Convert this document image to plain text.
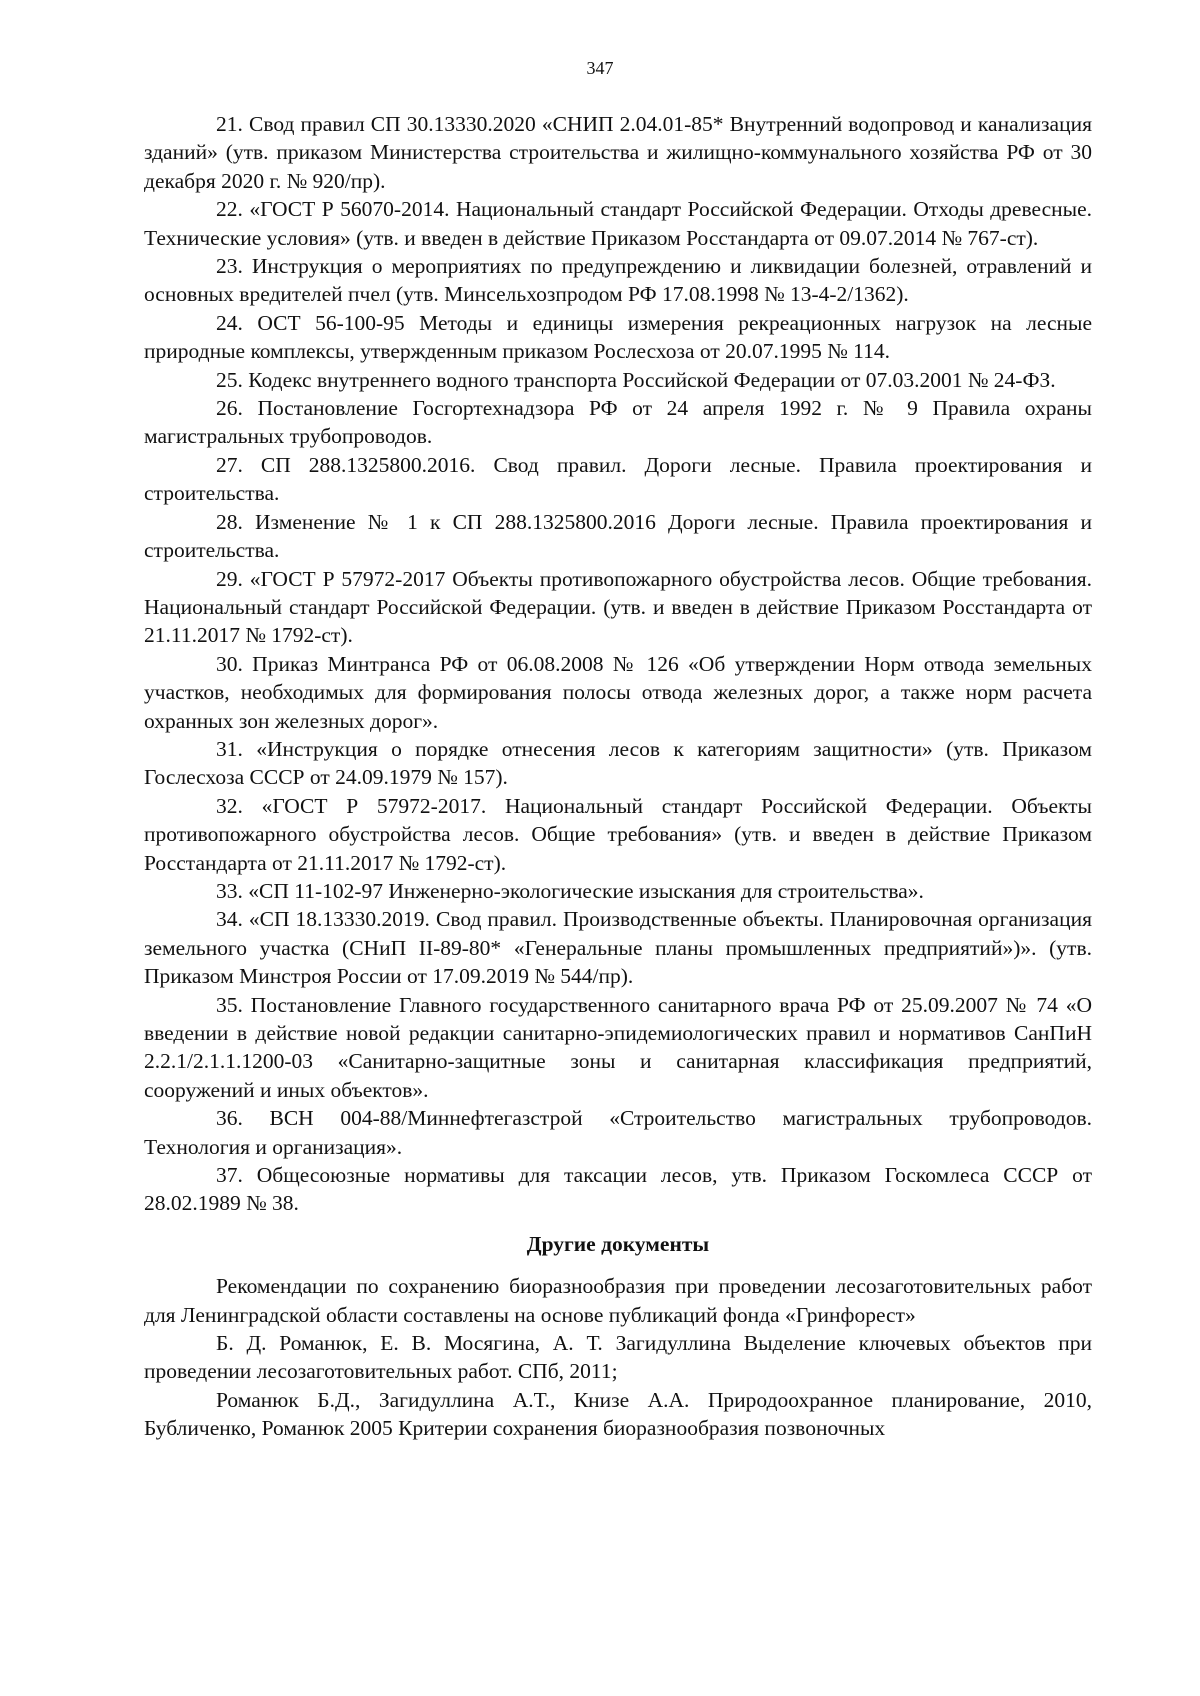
347

21. Свод правил СП 30.13330.2020 «СНИП 2.04.01-85* Внутренний водопровод и канализация зданий» (утв. приказом Министерства строительства и жилищно-коммунального хозяйства РФ от 30 декабря 2020 г. № 920/пр).

22. «ГОСТ Р 56070-2014. Национальный стандарт Российской Федерации. Отходы древесные. Технические условия» (утв. и введен в действие Приказом Росстандарта от 09.07.2014 № 767-ст).

23. Инструкция о мероприятиях по предупреждению и ликвидации болезней, отравлений и основных вредителей пчел (утв. Минсельхозпродом РФ 17.08.1998 № 13-4-2/1362).

24. ОСТ 56-100-95 Методы и единицы измерения рекреационных нагрузок на лесные природные комплексы, утвержденным приказом Рослесхоза от 20.07.1995 № 114.

25. Кодекс внутреннего водного транспорта Российской Федерации от 07.03.2001 № 24-ФЗ.

26. Постановление Госгортехнадзора РФ от 24 апреля 1992 г. № 9 Правила охраны магистральных трубопроводов.

27. СП 288.1325800.2016. Свод правил. Дороги лесные. Правила проектирования и строительства.

28. Изменение № 1 к СП 288.1325800.2016 Дороги лесные. Правила проектирования и строительства.

29. «ГОСТ Р 57972-2017 Объекты противопожарного обустройства лесов. Общие требования. Национальный стандарт Российской Федерации. (утв. и введен в действие Приказом Росстандарта от 21.11.2017 № 1792-ст).

30. Приказ Минтранса РФ от 06.08.2008 № 126 «Об утверждении Норм отвода земельных участков, необходимых для формирования полосы отвода железных дорог, а также норм расчета охранных зон железных дорог».

31. «Инструкция о порядке отнесения лесов к категориям защитности» (утв. Приказом Гослесхоза СССР от 24.09.1979 № 157).

32. «ГОСТ Р 57972-2017. Национальный стандарт Российской Федерации. Объекты противопожарного обустройства лесов. Общие требования» (утв. и введен в действие Приказом Росстандарта от 21.11.2017 № 1792-ст).

33. «СП 11-102-97 Инженерно-экологические изыскания для строительства».

34. «СП 18.13330.2019. Свод правил. Производственные объекты. Планировочная организация земельного участка (СНиП II-89-80* «Генеральные планы промышленных предприятий»)». (утв. Приказом Минстроя России от 17.09.2019 № 544/пр).

35. Постановление Главного государственного санитарного врача РФ от 25.09.2007 № 74 «О введении в действие новой редакции санитарно-эпидемиологических правил и нормативов СанПиН 2.2.1/2.1.1.1200-03 «Санитарно-защитные зоны и санитарная классификация предприятий, сооружений и иных объектов».

36. ВСН 004-88/Миннефтегазстрой «Строительство магистральных трубопроводов. Технология и организация».

37. Общесоюзные нормативы для таксации лесов, утв. Приказом Госкомлеса СССР от 28.02.1989 № 38.

Другие документы

Рекомендации по сохранению биоразнообразия при проведении лесозаготовительных работ для Ленинградской области составлены на основе публикаций фонда «Гринфорест»

Б. Д. Романюк, Е. В. Мосягина, А. Т. Загидуллина Выделение ключевых объектов при проведении лесозаготовительных работ. СПб, 2011;

Романюк Б.Д., Загидуллина А.Т., Книзе А.А. Природоохранное планирование, 2010, Бубличенко, Романюк 2005 Критерии сохранения биоразнообразия позвоночных
